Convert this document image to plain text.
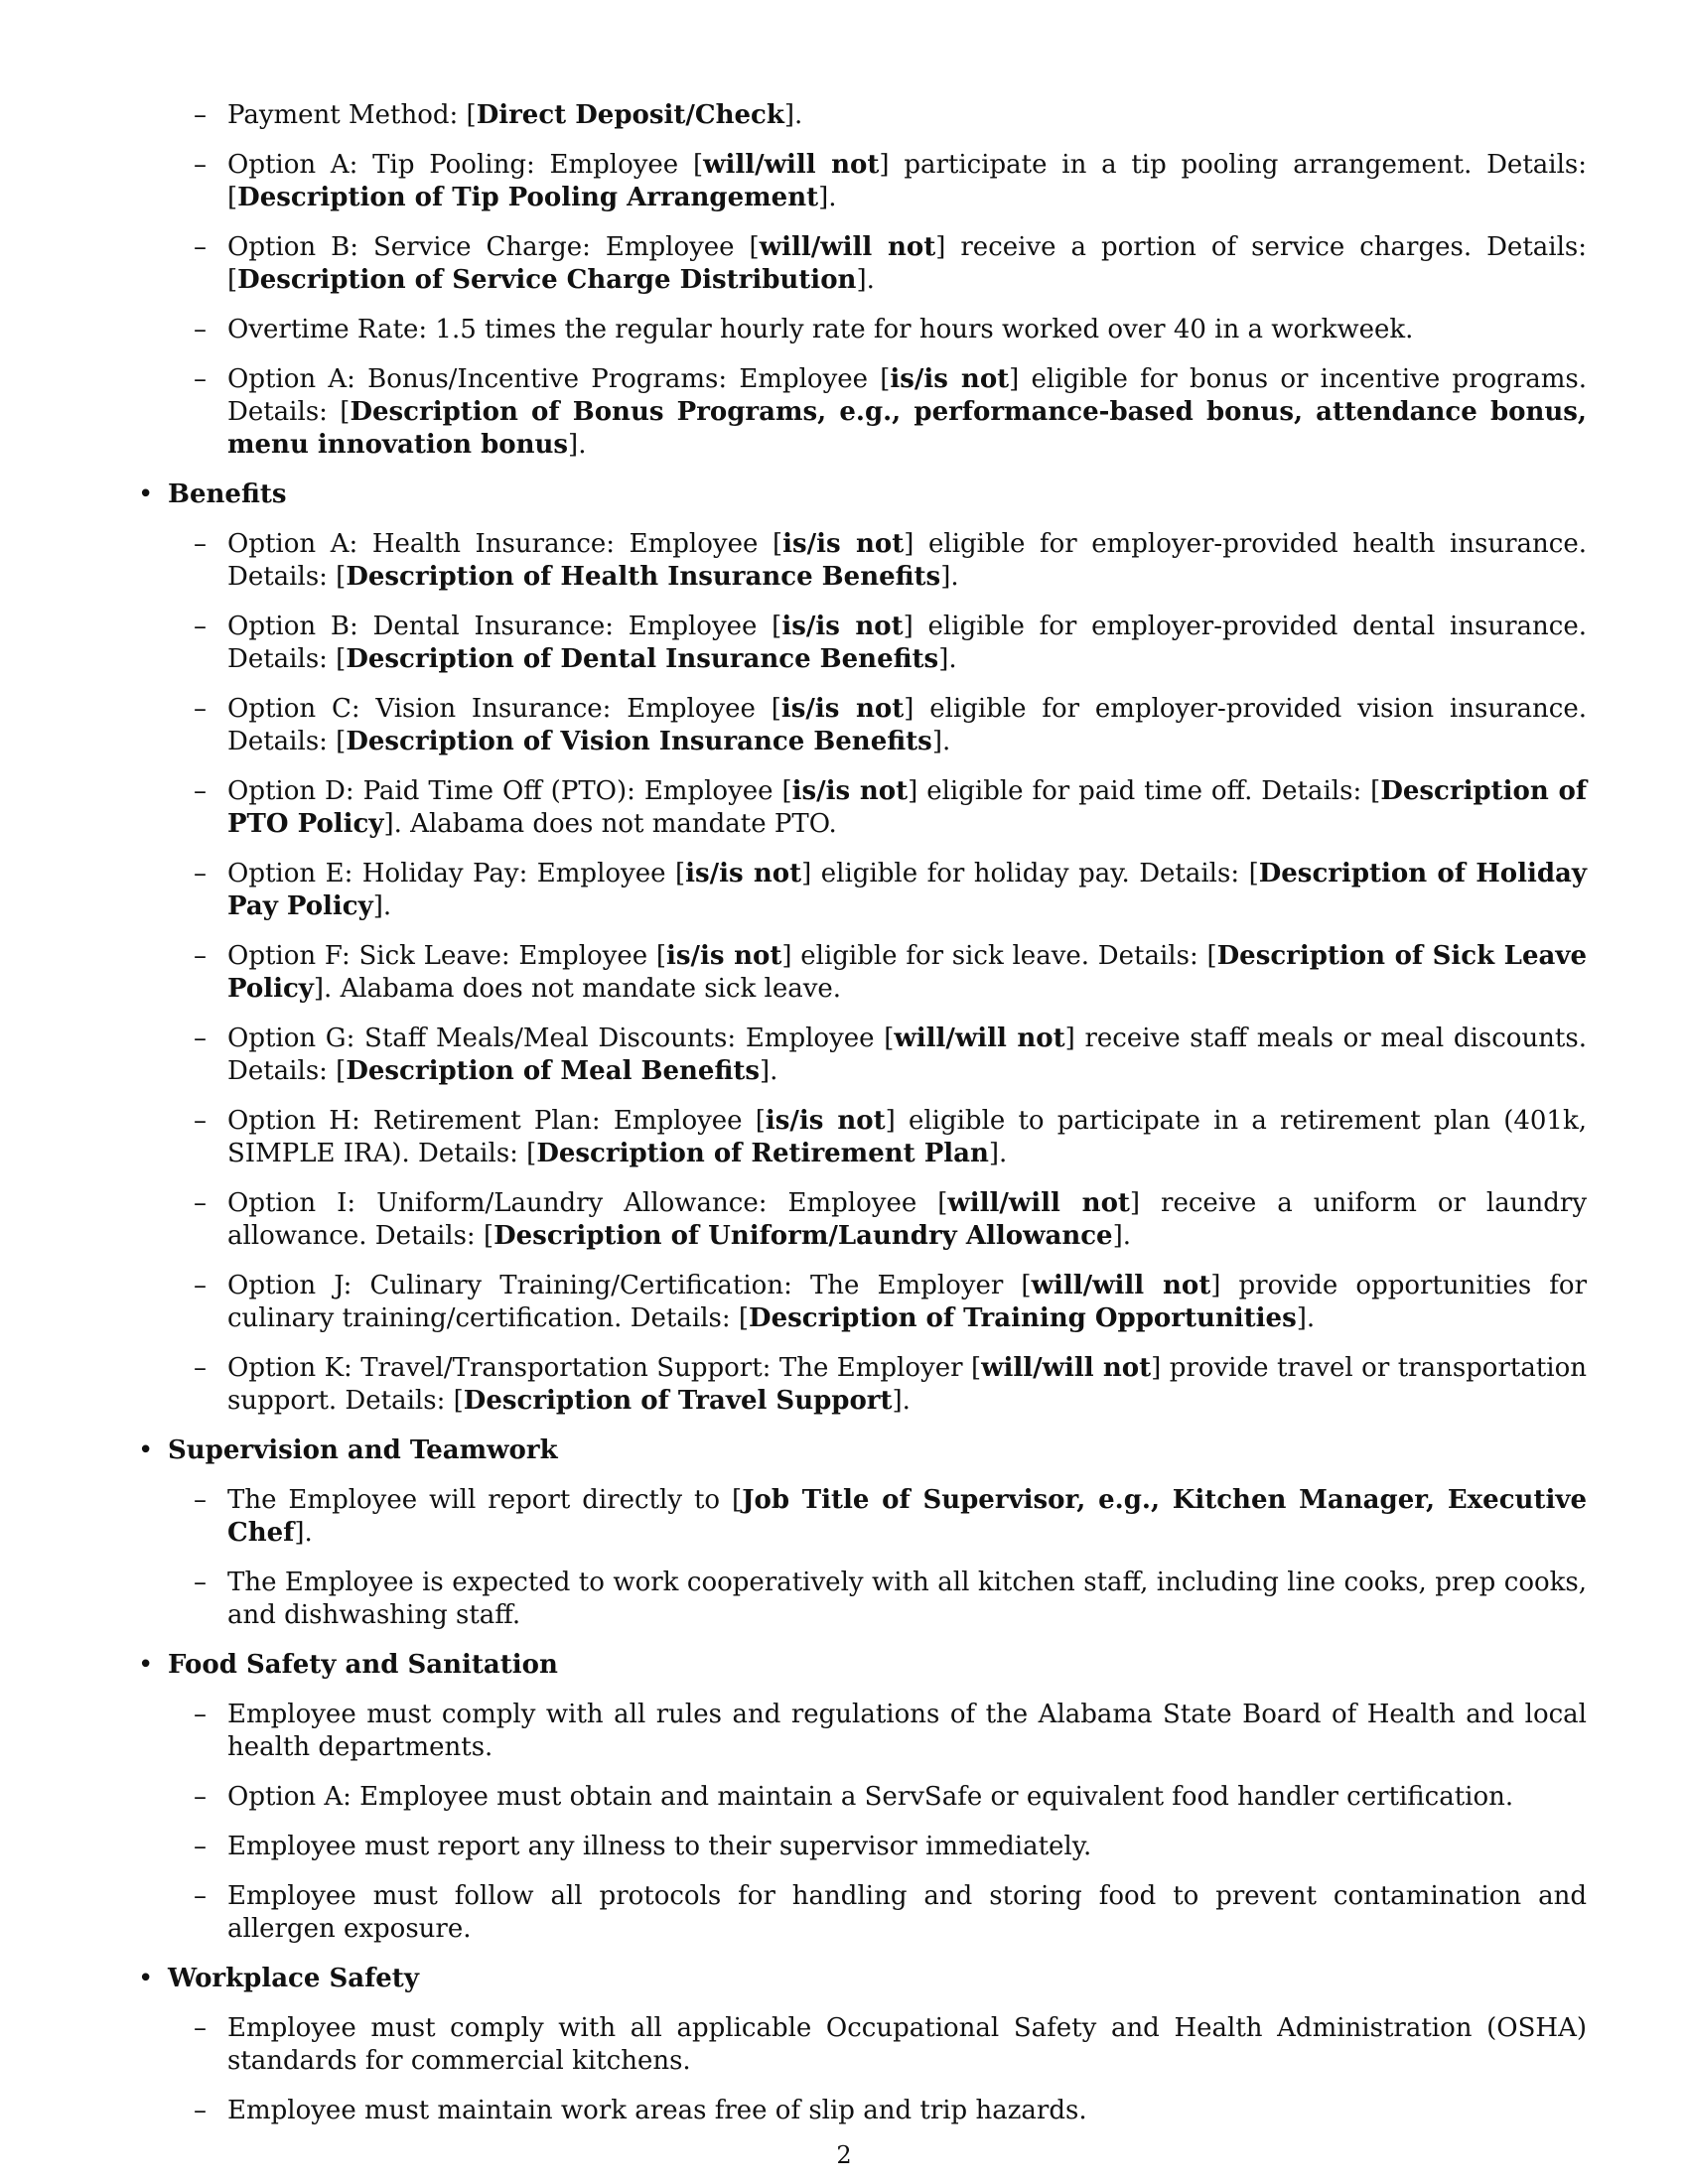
– Payment Method: [Direct Deposit/Check].
– Option A: Tip Pooling: Employee [will/will not] participate in a tip pooling arrangement. Details: [Description of Tip Pooling Arrangement].
– Option B: Service Charge: Employee [will/will not] receive a portion of service charges. Details: [Description of Service Charge Distribution].
– Overtime Rate: 1.5 times the regular hourly rate for hours worked over 40 in a workweek.
– Option A: Bonus/Incentive Programs: Employee [is/is not] eligible for bonus or incentive programs. Details: [Description of Bonus Programs, e.g., performance-based bonus, attendance bonus, menu innovation bonus].
• Benefits
– Option A: Health Insurance: Employee [is/is not] eligible for employer-provided health insurance. Details: [Description of Health Insurance Benefits].
– Option B: Dental Insurance: Employee [is/is not] eligible for employer-provided dental insurance. Details: [Description of Dental Insurance Benefits].
– Option C: Vision Insurance: Employee [is/is not] eligible for employer-provided vision insurance. Details: [Description of Vision Insurance Benefits].
– Option D: Paid Time Off (PTO): Employee [is/is not] eligible for paid time off. Details: [Description of PTO Policy]. Alabama does not mandate PTO.
– Option E: Holiday Pay: Employee [is/is not] eligible for holiday pay. Details: [Description of Holiday Pay Policy].
– Option F: Sick Leave: Employee [is/is not] eligible for sick leave. Details: [Description of Sick Leave Policy]. Alabama does not mandate sick leave.
– Option G: Staff Meals/Meal Discounts: Employee [will/will not] receive staff meals or meal discounts. Details: [Description of Meal Benefits].
– Option H: Retirement Plan: Employee [is/is not] eligible to participate in a retirement plan (401k, SIMPLE IRA). Details: [Description of Retirement Plan].
– Option I: Uniform/Laundry Allowance: Employee [will/will not] receive a uniform or laundry allowance. Details: [Description of Uniform/Laundry Allowance].
– Option J: Culinary Training/Certification: The Employer [will/will not] provide opportunities for culinary training/certification. Details: [Description of Training Opportunities].
– Option K: Travel/Transportation Support: The Employer [will/will not] provide travel or transportation support. Details: [Description of Travel Support].
• Supervision and Teamwork
– The Employee will report directly to [Job Title of Supervisor, e.g., Kitchen Manager, Executive Chef].
– The Employee is expected to work cooperatively with all kitchen staff, including line cooks, prep cooks, and dishwashing staff.
• Food Safety and Sanitation
– Employee must comply with all rules and regulations of the Alabama State Board of Health and local health departments.
– Option A: Employee must obtain and maintain a ServSafe or equivalent food handler certification.
– Employee must report any illness to their supervisor immediately.
– Employee must follow all protocols for handling and storing food to prevent contamination and allergen exposure.
• Workplace Safety
– Employee must comply with all applicable Occupational Safety and Health Administration (OSHA) standards for commercial kitchens.
– Employee must maintain work areas free of slip and trip hazards.
2
